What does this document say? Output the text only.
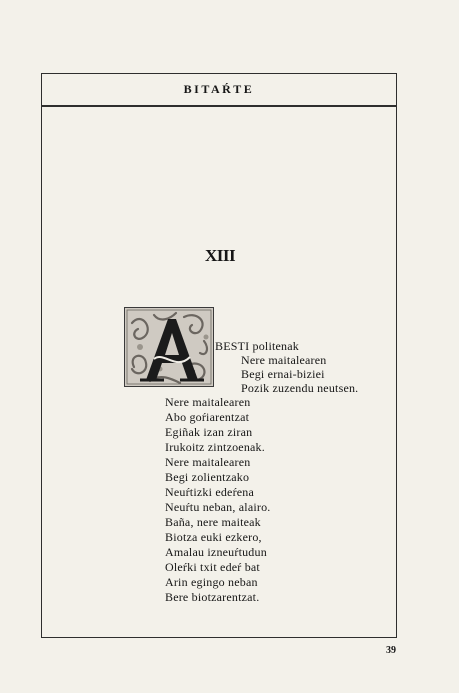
BITAŔTE
XIII
BESTI politenak
Nere maitalearen
Begi ernai-biziei
Pozik zuzendu neutsen.
Nere maitalearen
Abo goŕiarentzat
Egiñak izan ziran
Irukoitz zintzoenak.
Nere maitalearen
Begi zolientzako
Neuŕtizki edeŕena
Neuŕtu neban, alairo.
Baña, nere maiteak
Biotza euki ezkero,
Amalau izneuŕtudun
Oleŕki txit edeŕ bat
Arin egingo neban
Bere biotzarentzat.
39
